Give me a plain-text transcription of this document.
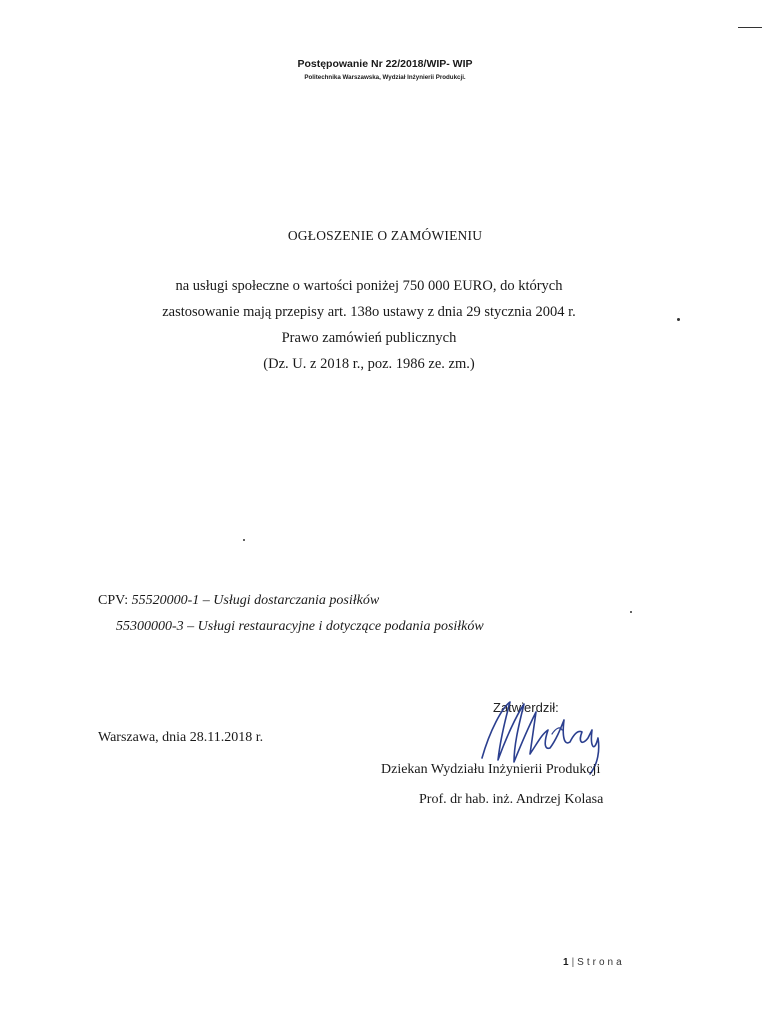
Postępowanie Nr 22/2018/WIP- WIP
Politechnika Warszawska, Wydział Inżynierii Produkcji.
OGŁOSZENIE O ZAMÓWIENIU
na usługi społeczne o wartości poniżej 750 000 EURO, do których
zastosowanie mają przepisy art. 138o ustawy z dnia 29 stycznia 2004 r.
Prawo zamówień publicznych
(Dz. U. z 2018 r., poz. 1986 ze. zm.)
CPV: 55520000-1 – Usługi dostarczania posiłków
55300000-3 – Usługi restauracyjne i dotyczące podania posiłków
Warszawa, dnia 28.11.2018 r.
Zatwierdził:
Dziekan Wydziału Inżynierii Produkcji
Prof. dr hab. inż. Andrzej Kolasa
1 | Strona
